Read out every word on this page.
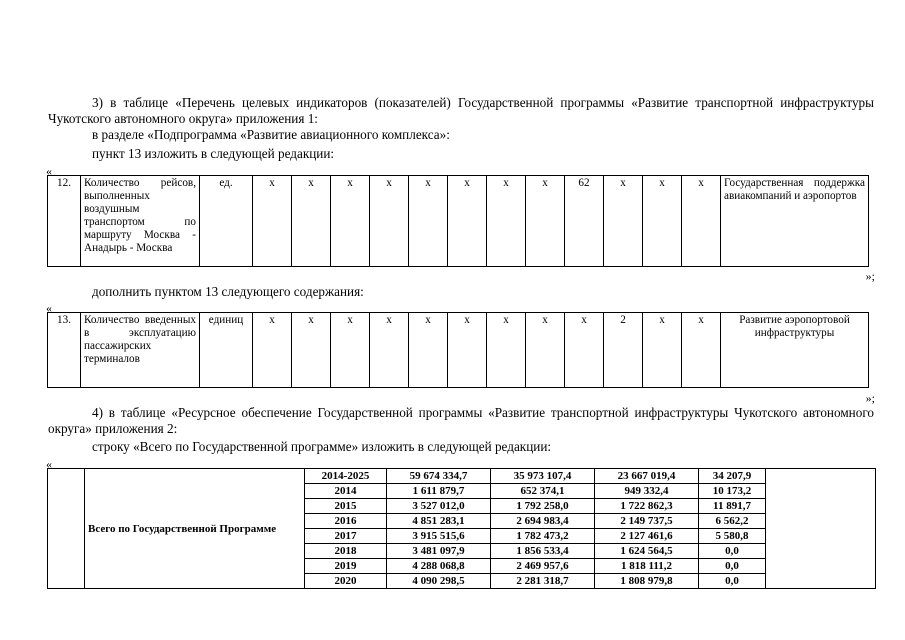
3) в таблице «Перечень целевых индикаторов (показателей) Государственной программы «Развитие транспортной инфраструктуры Чукотского автономного округа» приложения 1:
в разделе «Подпрограмма «Развитие авиационного комплекса»:
пункт 13 изложить в следующей редакции:
«
12.	Количество рейсов, выполненных воздушным транспортом по маршруту Москва - Анадырь - Москва	ед.	х	х	х	х	х	х	х	х	62	х	х	х	Государственная поддержка авиакомпаний и аэропортов
»;
дополнить пунктом 13 следующего содержания:
«
13.	Количество введенных в эксплуатацию пассажирских терминалов	единиц	х	х	х	х	х	х	х	х	х	2	х	х	Развитие аэропортовой инфраструктуры
»;
4) в таблице «Ресурсное обеспечение Государственной программы «Развитие транспортной инфраструктуры Чукотского автономного округа» приложения 2:
строку «Всего по Государственной программе» изложить в следующей редакции:
«
	Всего по Государственной Программе	2014-2025	59 674 334,7	35 973 107,4	23 667 019,4	34 207,9	
		2014	1 611 879,7	652 374,1	949 332,4	10 173,2	
		2015	3 527 012,0	1 792 258,0	1 722 862,3	11 891,7	
		2016	4 851 283,1	2 694 983,4	2 149 737,5	6 562,2	
		2017	3 915 515,6	1 782 473,2	2 127 461,6	5 580,8	
		2018	3 481 097,9	1 856 533,4	1 624 564,5	0,0	
		2019	4 288 068,8	2 469 957,6	1 818 111,2	0,0	
		2020	4 090 298,5	2 281 318,7	1 808 979,8	0,0	
